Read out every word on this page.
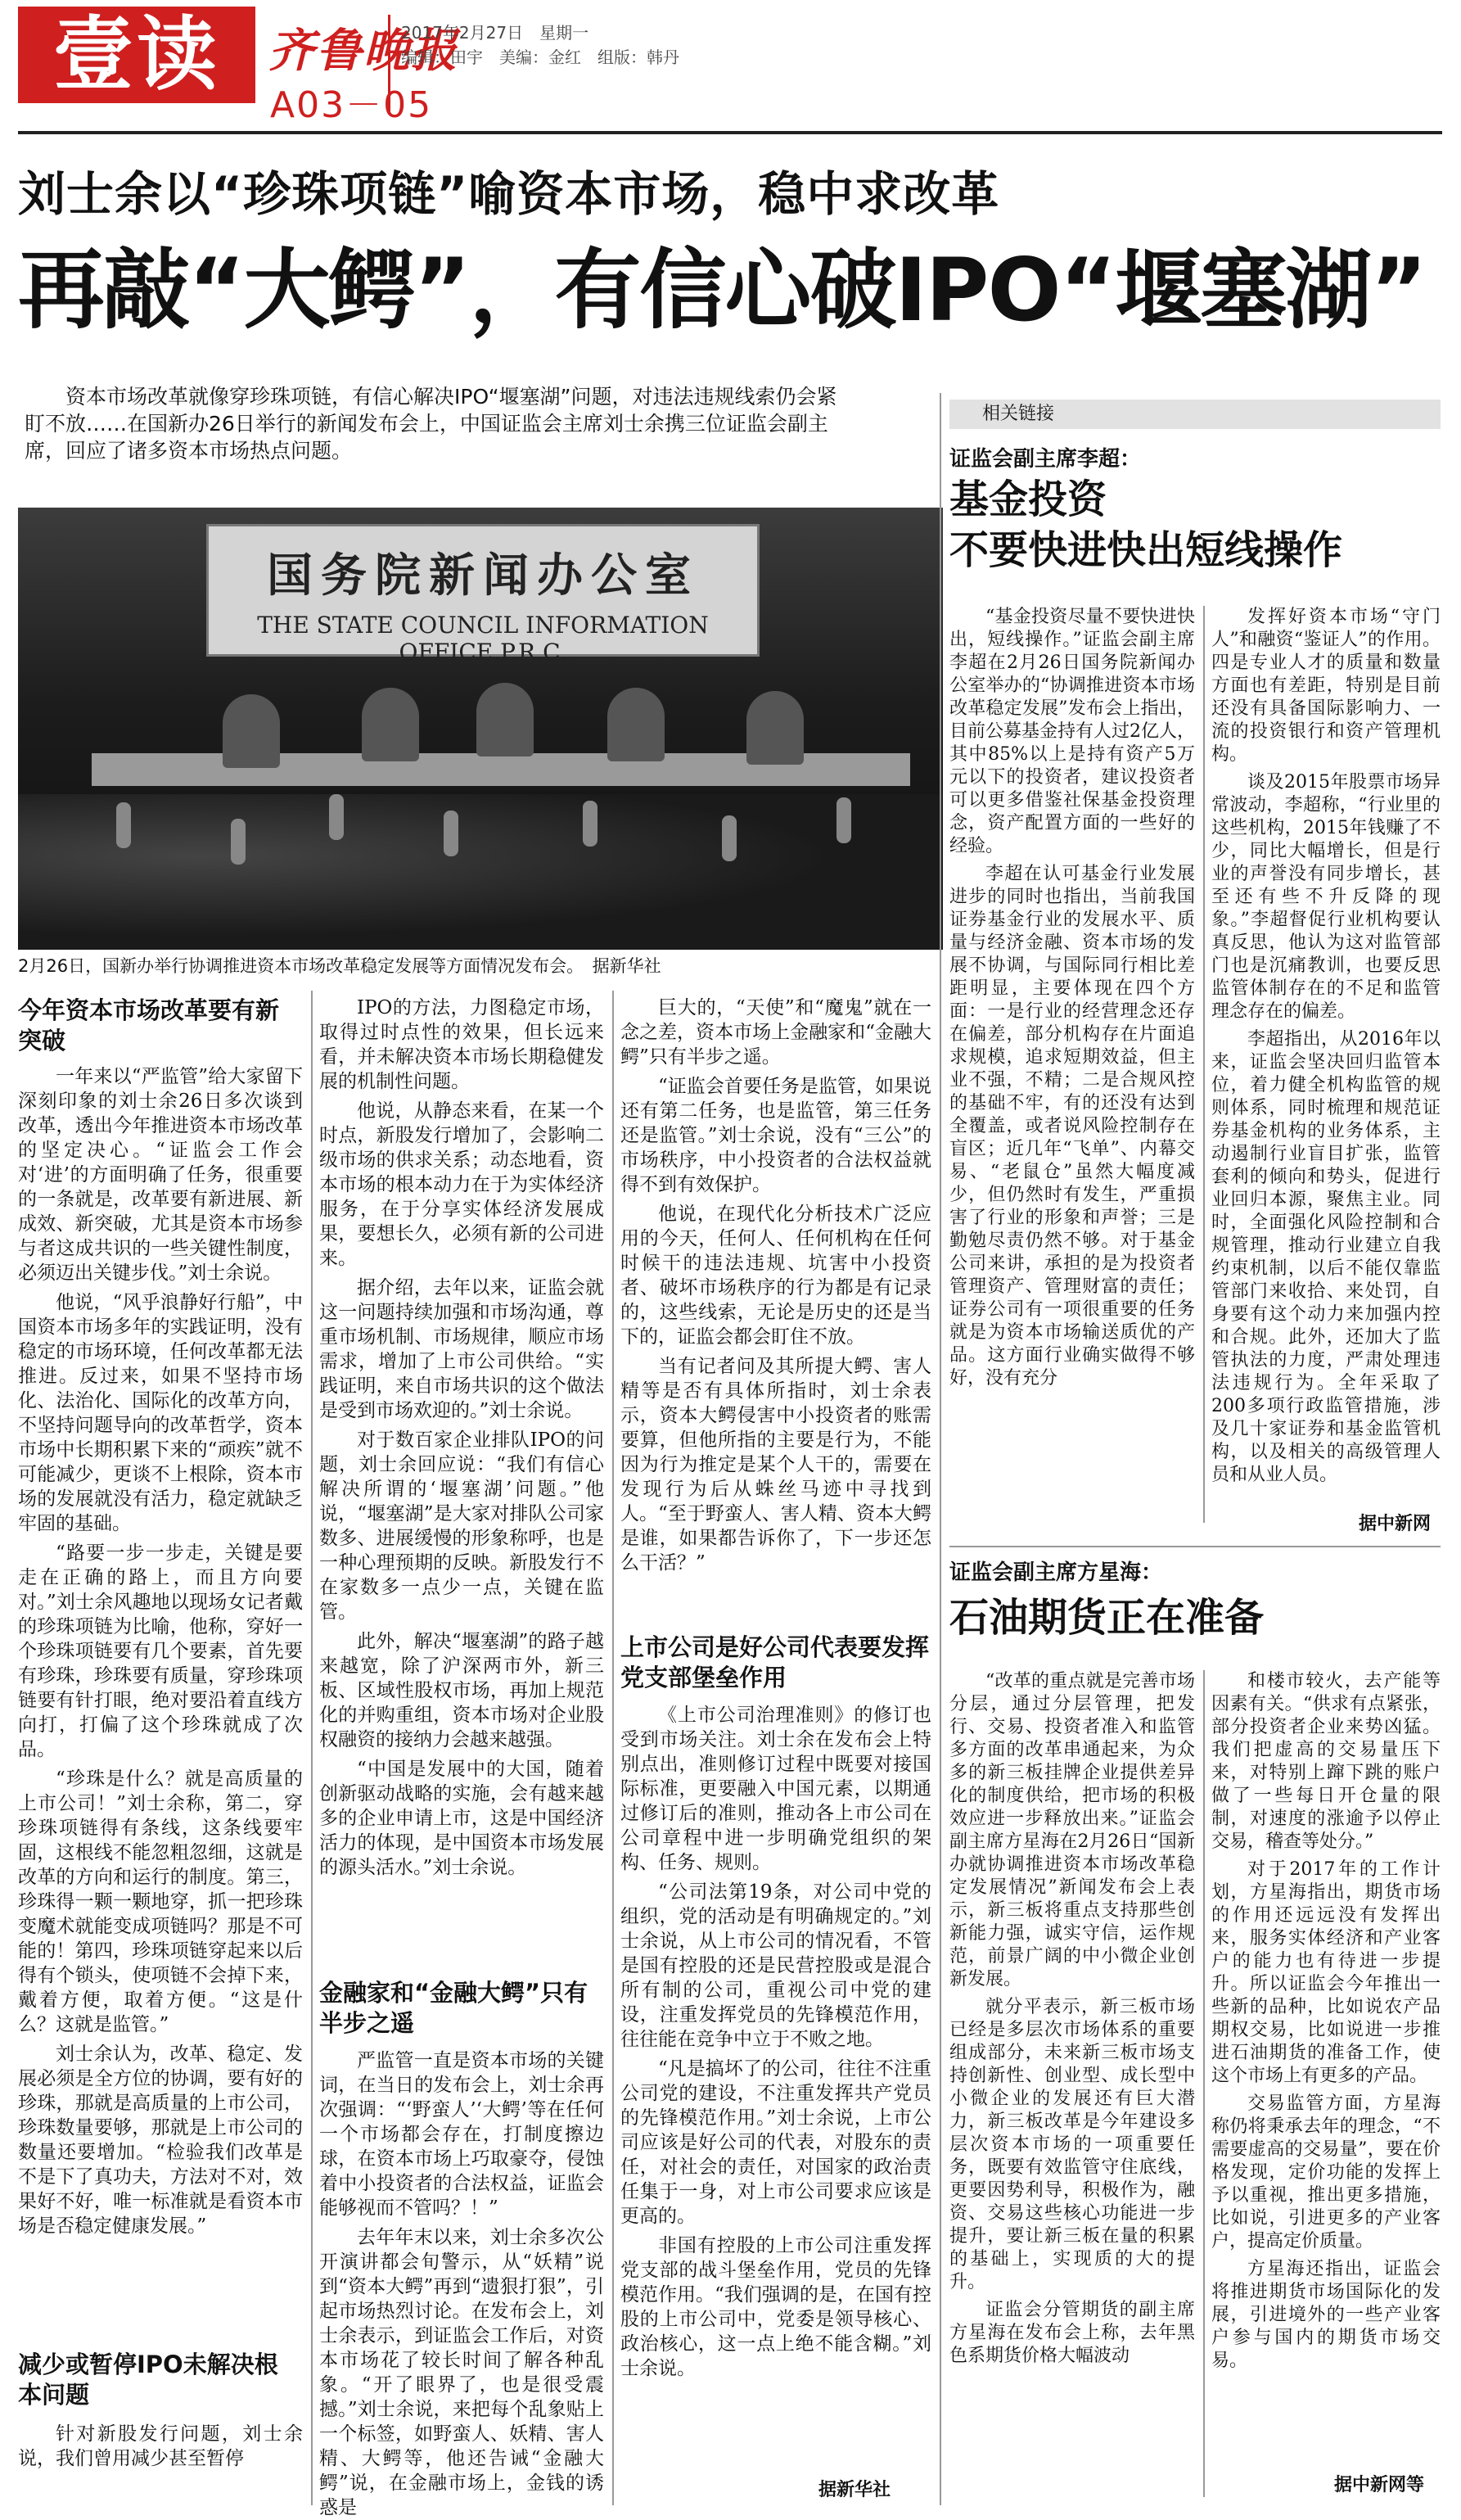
壹读	齐鲁晚报
2017年2月27日　星期一
编辑：田宇　美编：金红　组版：韩丹
A03－05
刘士余以“珍珠项链”喻资本市场，稳中求改革
再敲“大鳄”，有信心破IPO“堰塞湖”
资本市场改革就像穿珍珠项链，有信心解决IPO“堰塞湖”问题，对违法违规线索仍会紧盯不放……在国新办26日举行的新闻发布会上，中国证监会主席刘士余携三位证监会副主席，回应了诸多资本市场热点问题。
国务院新闻办公室
THE STATE COUNCIL INFORMATION OFFICE,P.R.C.
2月26日，国新办举行协调推进资本市场改革稳定发展等方面情况发布会。　据新华社
今年资本市场改革要有新突破

一年来以“严监管”给大家留下深刻印象的刘士余26日多次谈到改革，透出今年推进资本市场改革的坚定决心。“证监会工作会对‘进’的方面明确了任务，很重要的一条就是，改革要有新进展、新成效、新突破，尤其是资本市场参与者这成共识的一些关键性制度，必须迈出关键步伐。”刘士余说。

他说，“风乎浪静好行船”，中国资本市场多年的实践证明，没有稳定的市场环境，任何改革都无法推进。反过来，如果不坚持市场化、法治化、国际化的改革方向，不坚持问题导向的改革哲学，资本市场中长期积累下来的“顽疾”就不可能减少，更谈不上根除，资本市场的发展就没有活力，稳定就缺乏牢固的基础。

“路要一步一步走，关键是要走在正确的路上，而且方向要对。”刘士余风趣地以现场女记者戴的珍珠项链为比喻，他称，穿好一个珍珠项链要有几个要素，首先要有珍珠，珍珠要有质量，穿珍珠项链要有针打眼，绝对要沿着直线方向打，打偏了这个珍珠就成了次品。

“珍珠是什么？就是高质量的上市公司！”刘士余称，第二，穿珍珠项链得有条线，这条线要牢固，这根线不能忽粗忽细，这就是改革的方向和运行的制度。第三，珍珠得一颗一颗地穿，抓一把珍珠变魔术就能变成项链吗？那是不可能的！第四，珍珠项链穿起来以后得有个锁头，使项链不会掉下来，戴着方便，取着方便。“这是什么？这就是监管。”

刘士余认为，改革、稳定、发展必须是全方位的协调，要有好的珍珠，那就是高质量的上市公司，珍珠数量要够，那就是上市公司的数量还要增加。“检验我们改革是不是下了真功夫，方法对不对，效果好不好，唯一标准就是看资本市场是否稳定健康发展。”

减少或暂停IPO未解决根本问题

针对新股发行问题，刘士余说，我们曾用减少甚至暂停

IPO的方法，力图稳定市场，取得过时点性的效果，但长远来看，并未解决资本市场长期稳健发展的机制性问题。

他说，从静态来看，在某一个时点，新股发行增加了，会影响二级市场的供求关系；动态地看，资本市场的根本动力在于为实体经济服务，在于分享实体经济发展成果，要想长久，必须有新的公司进来。

据介绍，去年以来，证监会就这一问题持续加强和市场沟通，尊重市场机制、市场规律，顺应市场需求，增加了上市公司供给。“实践证明，来自市场共识的这个做法是受到市场欢迎的。”刘士余说。

对于数百家企业排队IPO的问题，刘士余回应说：“我们有信心解决所谓的‘堰塞湖’问题。”他说，“堰塞湖”是大家对排队公司家数多、进展缓慢的形象称呼，也是一种心理预期的反映。新股发行不在家数多一点少一点，关键在监管。

此外，解决“堰塞湖”的路子越来越宽，除了沪深两市外，新三板、区域性股权市场，再加上规范化的并购重组，资本市场对企业股权融资的接纳力会越来越强。

“中国是发展中的大国，随着创新驱动战略的实施，会有越来越多的企业申请上市，这是中国经济活力的体现，是中国资本市场发展的源头活水。”刘士余说。

金融家和“金融大鳄”只有半步之遥

严监管一直是资本市场的关键词，在当日的发布会上，刘士余再次强调：“‘野蛮人’‘大鳄’等在任何一个市场都会存在，打制度擦边球，在资本市场上巧取豪夺，侵蚀着中小投资者的合法权益，证监会能够视而不管吗？！”

去年年末以来，刘士余多次公开演讲都会旬警示，从“妖精”说到“资本大鳄”再到“遗狠打狠”，引起市场热烈讨论。在发布会上，刘士余表示，到证监会工作后，对资本市场花了较长时间了解各种乱象。“开了眼界了，也是很受震撼。”刘士余说，来把每个乱象贴上一个标签，如野蛮人、妖精、害人精、大鳄等，他还告诫“金融大鳄”说，在金融市场上，金钱的诱惑是

巨大的，“天使”和“魔鬼”就在一念之差，资本市场上金融家和“金融大鳄”只有半步之遥。

“证监会首要任务是监管，如果说还有第二任务，也是监管，第三任务还是监管。”刘士余说，没有“三公”的市场秩序，中小投资者的合法权益就得不到有效保护。

他说，在现代化分析技术广泛应用的今天，任何人、任何机构在任何时候干的违法违规、坑害中小投资者、破坏市场秩序的行为都是有记录的，这些线索，无论是历史的还是当下的，证监会都会盯住不放。

当有记者问及其所提大鳄、害人精等是否有具体所指时，刘士余表示，资本大鳄侵害中小投资者的账需要算，但他所指的主要是行为，不能因为行为推定是某个人干的，需要在发现行为后从蛛丝马迹中寻找到人。“至于野蛮人、害人精、资本大鳄是谁，如果都告诉你了，下一步还怎么干活？”

上市公司是好公司代表要发挥党支部堡垒作用

《上市公司治理准则》的修订也受到市场关注。刘士余在发布会上特别点出，准则修订过程中既要对接国际标准，更要融入中国元素，以期通过修订后的准则，推动各上市公司在公司章程中进一步明确党组织的架构、任务、规则。

“公司法第19条，对公司中党的组织，党的活动是有明确规定的。”刘士余说，从上市公司的情况看，不管是国有控股的还是民营控股或是混合所有制的公司，重视公司中党的建设，注重发挥党员的先锋模范作用，往往能在竞争中立于不败之地。

“凡是搞坏了的公司，往往不注重公司党的建设，不注重发挥共产党员的先锋模范作用。”刘士余说，上市公司应该是好公司的代表，对股东的责任，对社会的责任，对国家的政治责任集于一身，对上市公司要求应该是更高的。

非国有控股的上市公司注重发挥党支部的战斗堡垒作用，党员的先锋模范作用。“我们强调的是，在国有控股的上市公司中，党委是领导核心、政治核心，这一点上绝不能含糊。”刘士余说。

据新华社
相关链接
证监会副主席李超：
基金投资
不要快进快出短线操作

“基金投资尽量不要快进快出，短线操作。”证监会副主席李超在2月26日国务院新闻办公室举办的“协调推进资本市场改革稳定发展”发布会上指出，目前公募基金持有人过2亿人，其中85%以上是持有资产5万元以下的投资者，建议投资者可以更多借鉴社保基金投资理念，资产配置方面的一些好的经验。

李超在认可基金行业发展进步的同时也指出，当前我国证券基金行业的发展水平、质量与经济金融、资本市场的发展不协调，与国际同行相比差距明显，主要体现在四个方面：一是行业的经营理念还存在偏差，部分机构存在片面追求规模，追求短期效益，但主业不强，不精；二是合规风控的基础不牢，有的还没有达到全覆盖，或者说风险控制存在盲区；近几年“飞单”、内幕交易、“老鼠仓”虽然大幅度减少，但仍然时有发生，严重损害了行业的形象和声誉；三是勤勉尽责仍然不够。对于基金公司来讲，承担的是为投资者管理资产、管理财富的责任；证券公司有一项很重要的任务就是为资本市场输送质优的产品。这方面行业确实做得不够好，没有充分

发挥好资本市场“守门人”和融资“鉴证人”的作用。四是专业人才的质量和数量方面也有差距，特别是目前还没有具备国际影响力、一流的投资银行和资产管理机构。

谈及2015年股票市场异常波动，李超称，“行业里的这些机构，2015年钱赚了不少，同比大幅增长，但是行业的声誉没有同步增长，甚至还有些不升反降的现象。”李超督促行业机构要认真反思，他认为这对监管部门也是沉痛教训，也要反思监管体制存在的不足和监管理念存在的偏差。

李超指出，从2016年以来，证监会坚决回归监管本位，着力健全机构监管的规则体系，同时梳理和规范证券基金机构的业务体系，主动遏制行业盲目扩张，监管套利的倾向和势头，促进行业回归本源，聚焦主业。同时，全面强化风险控制和合规管理，推动行业建立自我约束机制，以后不能仅靠监管部门来收拾、来处罚，自身要有这个动力来加强内控和合规。此外，还加大了监管执法的力度，严肃处理违法违规行为。全年采取了200多项行政监管措施，涉及几十家证券和基金监管机构，以及相关的高级管理人员和从业人员。

据中新网
证监会副主席方星海：
石油期货正在准备

“改革的重点就是完善市场分层，通过分层管理，把发行、交易、投资者准入和监管多方面的改革串通起来，为众多的新三板挂牌企业提供差异化的制度供给，把市场的积极效应进一步释放出来。”证监会副主席方星海在2月26日“国新办就协调推进资本市场改革稳定发展情况”新闻发布会上表示，新三板将重点支持那些创新能力强，诚实守信，运作规范，前景广阔的中小微企业创新发展。

就分平表示，新三板市场已经是多层次市场体系的重要组成部分，未来新三板市场支持创新性、创业型、成长型中小微企业的发展还有巨大潜力，新三板改革是今年建设多层次资本市场的一项重要任务，既要有效监管守住底线，更要因势利导，积极作为，融资、交易这些核心功能进一步提升，要让新三板在量的积累的基础上，实现质的大的提升。

证监会分管期货的副主席方星海在发布会上称，去年黑色系期货价格大幅波动

和楼市较火，去产能等因素有关。“供求有点紧张，部分投资者企业来势凶猛。我们把虚高的交易量压下来，对特别上蹿下跳的账户做了一些每日开仓量的限制，对速度的涨逾予以停止交易，稽查等处分。”

对于2017年的工作计划，方星海指出，期货市场的作用还远远没有发挥出来，服务实体经济和产业客户的能力也有待进一步提升。所以证监会今年推出一些新的品种，比如说农产品期权交易，比如说进一步推进石油期货的准备工作，使这个市场上有更多的产品。

交易监管方面，方星海称仍将秉承去年的理念，“不需要虚高的交易量”，要在价格发现，定价功能的发挥上予以重视，推出更多措施，比如说，引进更多的产业客户，提高定价质量。

方星海还指出，证监会将推进期货市场国际化的发展，引进境外的一些产业客户参与国内的期货市场交易。

据中新网等
